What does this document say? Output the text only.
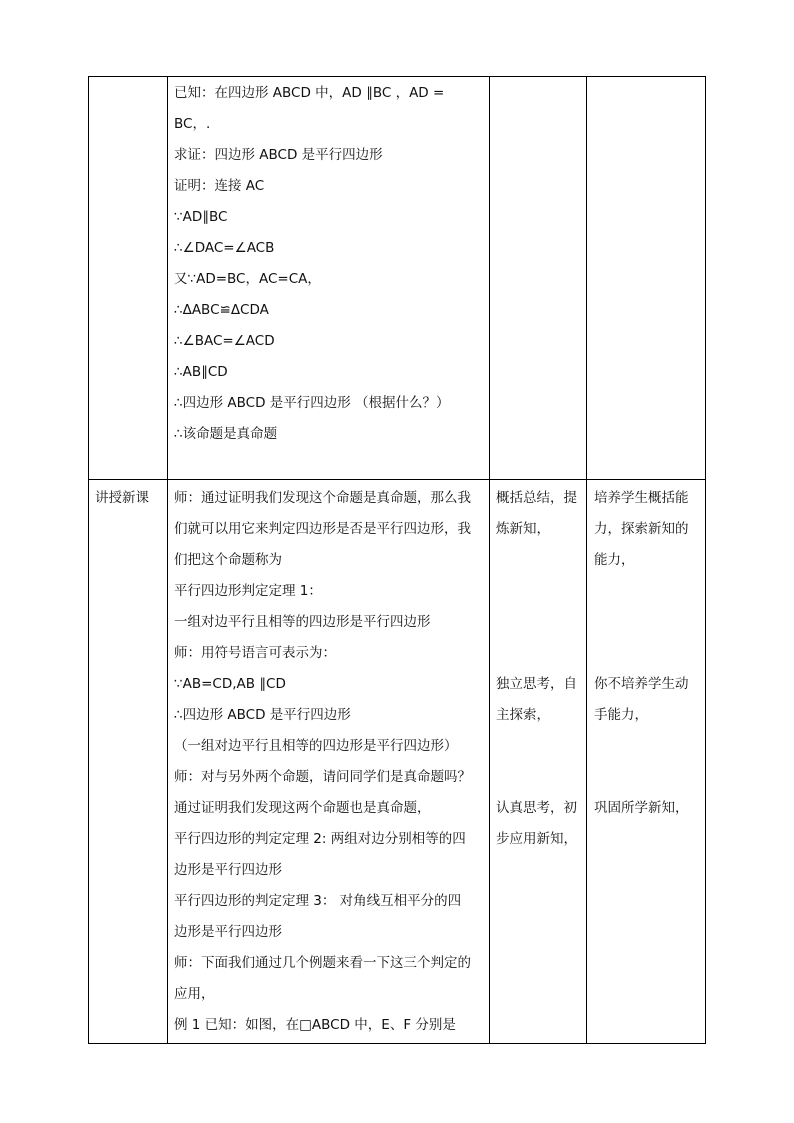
已知：在四边形 ABCD 中，AD ∥BC ，AD =
BC，.
求证：四边形 ABCD 是平行四边形
证明：连接 AC
∵AD∥BC
∴∠DAC=∠ACB
又∵AD=BC，AC=CA，
∴ΔABC≌ΔCDA
∴∠BAC=∠ACD
∴AB∥CD
∴四边形 ABCD 是平行四边形 （根据什么？）
∴该命题是真命题
讲授新课 师：通过证明我们发现这个命题是真命题，那么我
们就可以用它来判定四边形是否是平行四边形，我
们把这个命题称为
平行四边形判定定理 1：
一组对边平行且相等的四边形是平行四边形
师：用符号语言可表示为：
∵AB=CD,AB ∥CD
∴四边形 ABCD 是平行四边形
（一组对边平行且相等的四边形是平行四边形）
师：对与另外两个命题，请问同学们是真命题吗？
通过证明我们发现这两个命题也是真命题，
平行四边形的判定定理 2: 两组对边分别相等的四
边形是平行四边形
平行四边形的判定定理 3： 对角线互相平分的四
边形是平行四边形
师：下面我们通过几个例题来看一下这三个判定的
应用，
例 1 已知：如图，在□ABCD 中，E、F 分别是
概括总结，提
炼新知，
独立思考，自
主探索，
认真思考，初
步应用新知，
培养学生概括能
力，探索新知的
能力，
你不培养学生动
手能力，
巩固所学新知，
